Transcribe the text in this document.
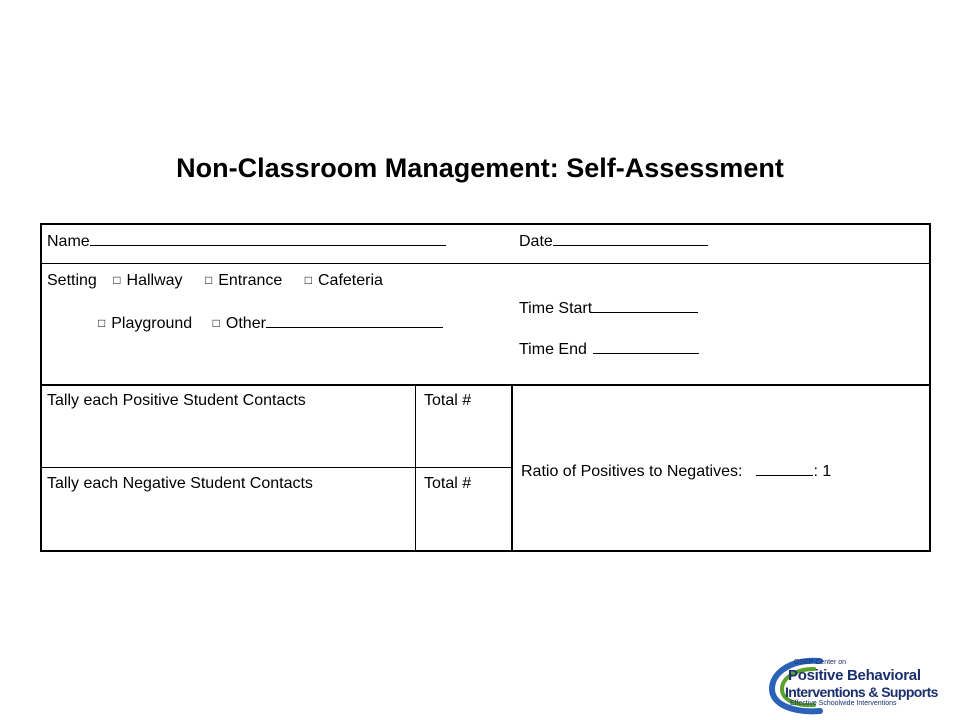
Non-Classroom Management: Self-Assessment
Name	Date
Setting □ Hallway □ Entrance □ Cafeteria
□ Playground □ Other
Time Start
Time End
Tally each Positive Student Contacts	Total #
Tally each Negative Student Contacts	Total #
Ratio of Positives to Negatives:	: 1
OSEP Center on
Positive Behavioral
Interventions & Supports
Effective Schoolwide Interventions
